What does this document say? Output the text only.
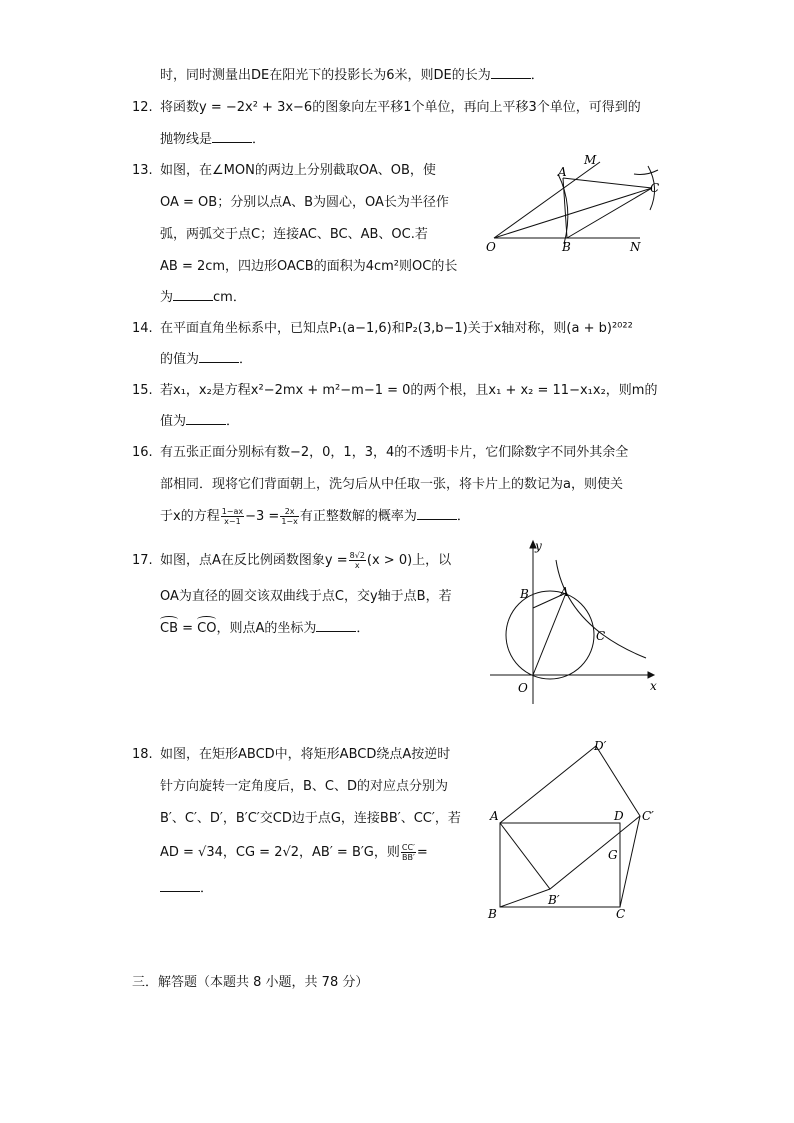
时，同时测量出DE在阳光下的投影长为6米，则DE的长为	．
12. 将函数y = −2x² + 3x−6的图象向左平移1个单位，再向上平移3个单位，可得到的
抛物线是	．
13. 如图，在∠MON的两边上分别截取OA、OB，使
OA = OB；分别以点A、B为圆心，OA长为半径作
弧，两弧交于点C；连接AC、BC、AB、OC.若
AB = 2cm，四边形OACB的面积为4cm²则OC的长
为	cm．
O
A
B
C
M
N
14. 在平面直角坐标系中，已知点P₁(a−1,6)和P₂(3,b−1)关于x轴对称，则(a + b)²⁰²²
的值为	．
15. 若x₁，x₂是方程x²−2mx + m²−m−1 = 0的两个根，且x₁ + x₂ = 11−x₁x₂，则m的
值为	．
16. 有五张正面分别标有数−2，0，1，3，4的不透明卡片，它们除数字不同外其余全
部相同．现将它们背面朝上，洗匀后从中任取一张，将卡片上的数记为a，则使关
于x的方程 $\frac{1-ax}{x-1} -3 = \frac{2x}{1-x}$ 有正整数解的概率为	．
17. 如图，点A在反比例函数图象$y = \frac{8√2}{x} (x > 0)$上，以
OA为直径的圆交该双曲线于点C，交y轴于点B，若
CB = CO，则点A的坐标为	．
y
x
O
A
B
C
18. 如图，在矩形ABCD中，将矩形ABCD绕点A按逆时
针方向旋转一定角度后，B、C、D的对应点分别为
B′、C′、D′，B′C′交CD边于点G，连接BB′、CC′，若
AD = √34，CG = 2√2，AB′ = B′G，则 $\frac{CC'}{BB'}$ =
．
A
B	C
D
B′
C′
D′
G
三．解答题（本题共 8 小题，共 78 分）
